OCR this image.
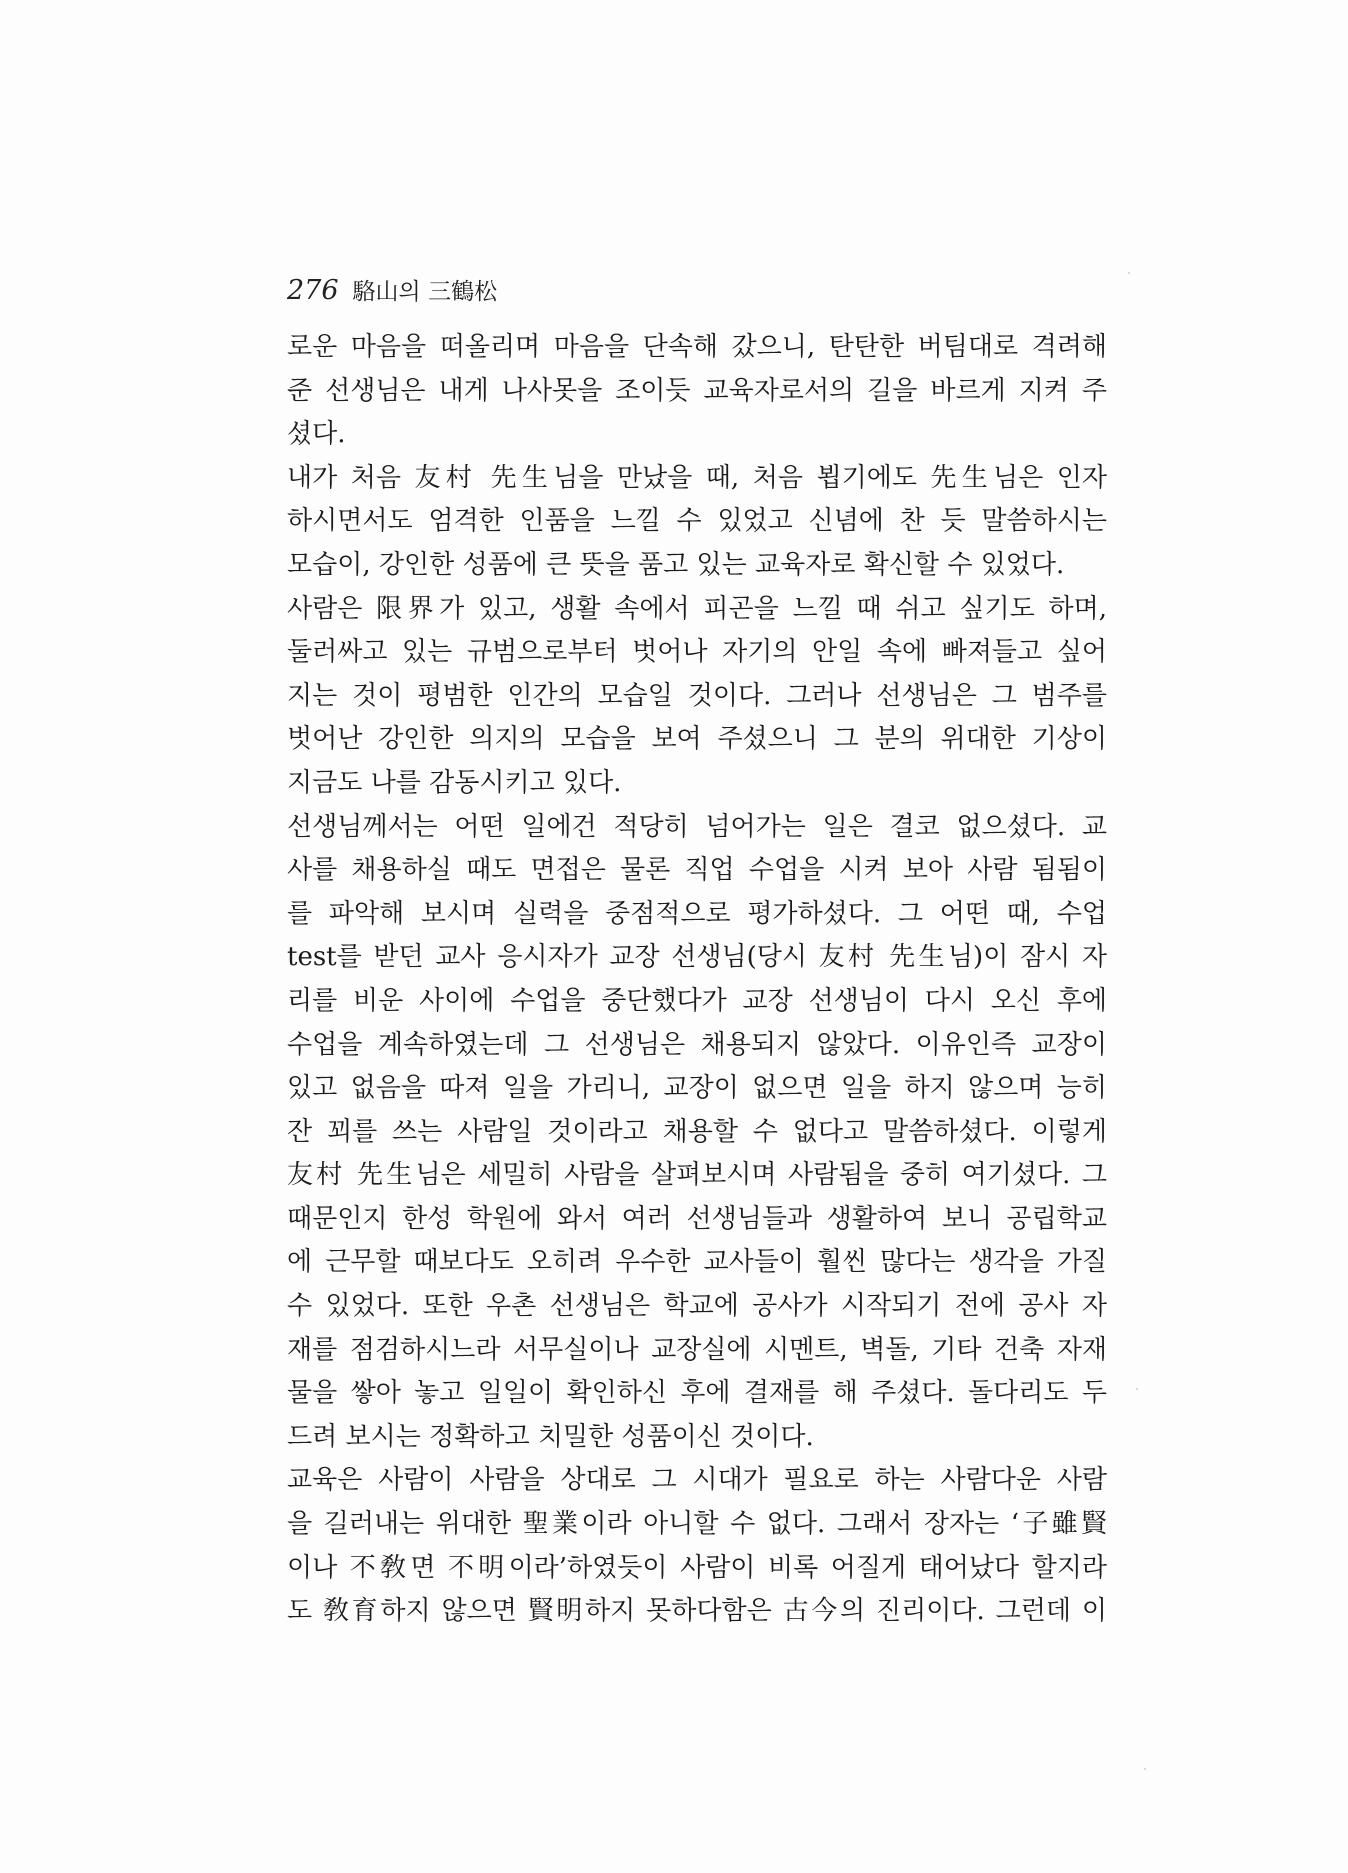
276 駱山의 三鶴松
로운 마음을 떠올리며 마음을 단속해 갔으니, 탄탄한 버팀대로 격려해
준 선생님은 내게 나사못을 조이듯 교육자로서의 길을 바르게 지켜 주
셨다.
내가 처음 友村 先生님을 만났을 때, 처음 뵙기에도 先生님은 인자
하시면서도 엄격한 인품을 느낄 수 있었고 신념에 찬 듯 말씀하시는
모습이, 강인한 성품에 큰 뜻을 품고 있는 교육자로 확신할 수 있었다.
사람은 限界가 있고, 생활 속에서 피곤을 느낄 때 쉬고 싶기도 하며,
둘러싸고 있는 규범으로부터 벗어나 자기의 안일 속에 빠져들고 싶어
지는 것이 평범한 인간의 모습일 것이다. 그러나 선생님은 그 범주를
벗어난 강인한 의지의 모습을 보여 주셨으니 그 분의 위대한 기상이
지금도 나를 감동시키고 있다.
선생님께서는 어떤 일에건 적당히 넘어가는 일은 결코 없으셨다. 교
사를 채용하실 때도 면접은 물론 직업 수업을 시켜 보아 사람 됨됨이
를 파악해 보시며 실력을 중점적으로 평가하셨다. 그 어떤 때, 수업
test를 받던 교사 응시자가 교장 선생님(당시 友村 先生님)이 잠시 자
리를 비운 사이에 수업을 중단했다가 교장 선생님이 다시 오신 후에
수업을 계속하였는데 그 선생님은 채용되지 않았다. 이유인즉 교장이
있고 없음을 따져 일을 가리니, 교장이 없으면 일을 하지 않으며 능히
잔 꾀를 쓰는 사람일 것이라고 채용할 수 없다고 말씀하셨다. 이렇게
友村 先生님은 세밀히 사람을 살펴보시며 사람됨을 중히 여기셨다. 그
때문인지 한성 학원에 와서 여러 선생님들과 생활하여 보니 공립학교
에 근무할 때보다도 오히려 우수한 교사들이 훨씬 많다는 생각을 가질
수 있었다. 또한 우촌 선생님은 학교에 공사가 시작되기 전에 공사 자
재를 점검하시느라 서무실이나 교장실에 시멘트, 벽돌, 기타 건축 자재
물을 쌓아 놓고 일일이 확인하신 후에 결재를 해 주셨다. 돌다리도 두
드려 보시는 정확하고 치밀한 성품이신 것이다.
교육은 사람이 사람을 상대로 그 시대가 필요로 하는 사람다운 사람
을 길러내는 위대한 聖業이라 아니할 수 없다. 그래서 장자는 ‘子雖賢
이나 不敎면 不明이라’하였듯이 사람이 비록 어질게 태어났다 할지라
도 敎育하지 않으면 賢明하지 못하다함은 古今의 진리이다. 그런데 이
